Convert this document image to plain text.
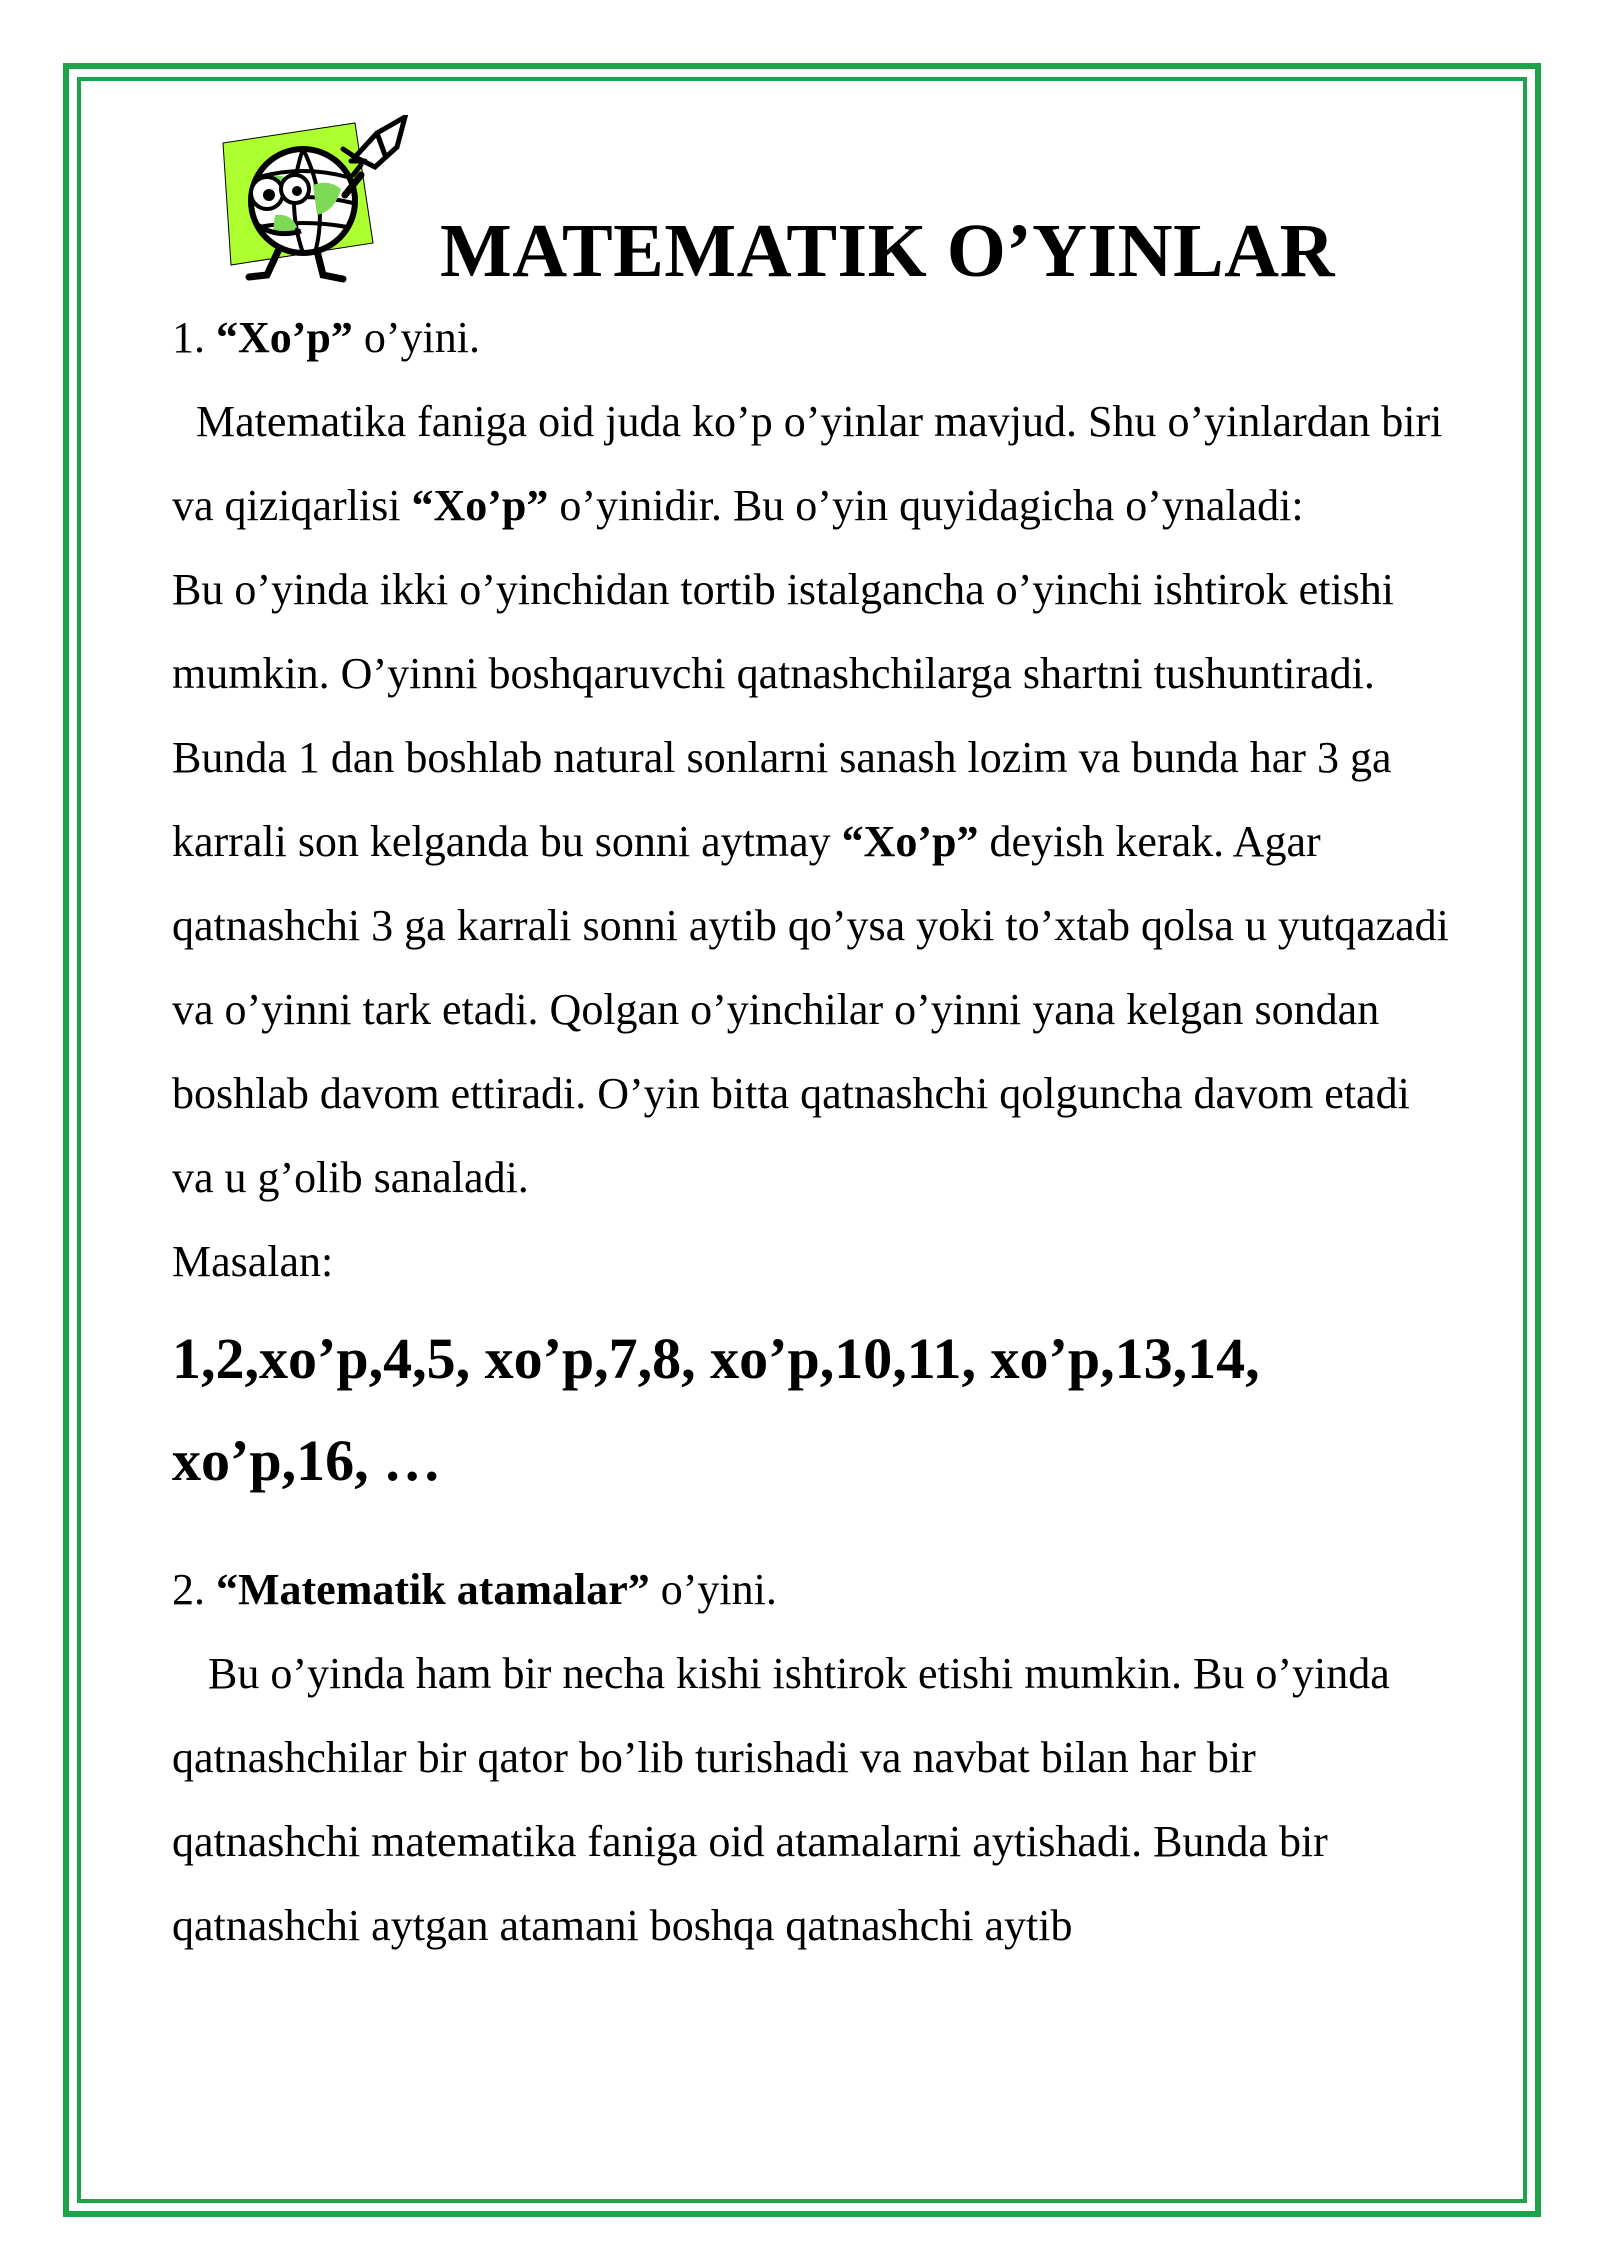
MATEMATIK O’YINLAR

1. “Xo’p” o’yini.

Matematika faniga oid juda ko’p o’yinlar mavjud. Shu o’yinlardan biri va qiziqarlisi “Xo’p” o’yinidir. Bu o’yin quyidagicha o’ynaladi:

Bu o’yinda ikki o’yinchidan tortib istalgancha o’yinchi ishtirok etishi mumkin. O’yinni boshqaruvchi qatnashchilarga shartni tushuntiradi. Bunda 1 dan boshlab natural sonlarni sanash lozim va bunda har 3 ga karrali son kelganda bu sonni aytmay “Xo’p” deyish kerak. Agar qatnashchi 3 ga karrali sonni aytib qo’ysa yoki to’xtab qolsa u yutqazadi va o’yinni tark etadi. Qolgan o’yinchilar o’yinni yana kelgan sondan boshlab davom ettiradi. O’yin bitta qatnashchi qolguncha davom etadi va u g’olib sanaladi.

Masalan:

1,2,xo’p,4,5, xo’p,7,8, xo’p,10,11, xo’p,13,14, xo’p,16, …

2. “Matematik atamalar” o’yini.

Bu o’yinda ham bir necha kishi ishtirok etishi mumkin. Bu o’yinda qatnashchilar bir qator bo’lib turishadi va navbat bilan har bir qatnashchi matematika faniga oid atamalarni aytishadi. Bunda bir qatnashchi aytgan atamani boshqa qatnashchi aytib
